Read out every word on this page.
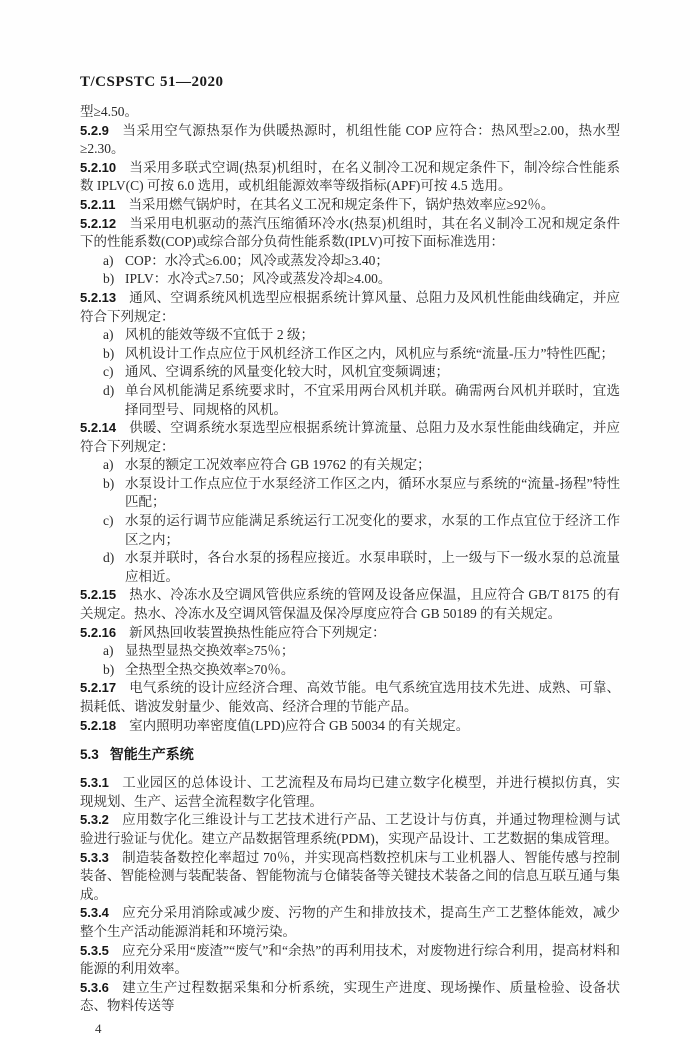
T/CSPSTC 51—2020

型≥4.50。

5.2.9 当采用空气源热泵作为供暖热源时，机组性能 COP 应符合：热风型≥2.00，热水型≥2.30。

5.2.10 当采用多联式空调(热泵)机组时，在名义制冷工况和规定条件下，制冷综合性能系数 IPLV(C) 可按 6.0 选用，或机组能源效率等级指标(APF)可按 4.5 选用。

5.2.11 当采用燃气锅炉时，在其名义工况和规定条件下，锅炉热效率应≥92％。

5.2.12 当采用电机驱动的蒸汽压缩循环冷水(热泵)机组时，其在名义制冷工况和规定条件下的性能系数(COP)或综合部分负荷性能系数(IPLV)可按下面标准选用：

a) COP：水冷式≥6.00；风冷或蒸发冷却≥3.40；

b) IPLV：水冷式≥7.50；风冷或蒸发冷却≥4.00。

5.2.13 通风、空调系统风机选型应根据系统计算风量、总阻力及风机性能曲线确定，并应符合下列规定：

a) 风机的能效等级不宜低于 2 级；

b) 风机设计工作点应位于风机经济工作区之内，风机应与系统“流量-压力”特性匹配；

c) 通风、空调系统的风量变化较大时，风机宜变频调速；

d) 单台风机能满足系统要求时，不宜采用两台风机并联。确需两台风机并联时，宜选择同型号、同规格的风机。

5.2.14 供暖、空调系统水泵选型应根据系统计算流量、总阻力及水泵性能曲线确定，并应符合下列规定：

a) 水泵的额定工况效率应符合 GB 19762 的有关规定；

b) 水泵设计工作点应位于水泵经济工作区之内，循环水泵应与系统的“流量-扬程”特性匹配；

c) 水泵的运行调节应能满足系统运行工况变化的要求，水泵的工作点宜位于经济工作区之内；

d) 水泵并联时，各台水泵的扬程应接近。水泵串联时，上一级与下一级水泵的总流量应相近。

5.2.15 热水、冷冻水及空调风管供应系统的管网及设备应保温，且应符合 GB/T 8175 的有关规定。热水、冷冻水及空调风管保温及保冷厚度应符合 GB 50189 的有关规定。

5.2.16 新风热回收装置换热性能应符合下列规定：

a) 显热型显热交换效率≥75％；

b) 全热型全热交换效率≥70％。

5.2.17 电气系统的设计应经济合理、高效节能。电气系统宜选用技术先进、成熟、可靠、损耗低、谐波发射量少、能效高、经济合理的节能产品。

5.2.18 室内照明功率密度值(LPD)应符合 GB 50034 的有关规定。

5.3 智能生产系统

5.3.1 工业园区的总体设计、工艺流程及布局均已建立数字化模型，并进行模拟仿真，实现规划、生产、运营全流程数字化管理。

5.3.2 应用数字化三维设计与工艺技术进行产品、工艺设计与仿真，并通过物理检测与试验进行验证与优化。建立产品数据管理系统(PDM)，实现产品设计、工艺数据的集成管理。

5.3.3 制造装备数控化率超过 70％，并实现高档数控机床与工业机器人、智能传感与控制装备、智能检测与装配装备、智能物流与仓储装备等关键技术装备之间的信息互联互通与集成。

5.3.4 应充分采用消除或减少废、污物的产生和排放技术，提高生产工艺整体能效，减少整个生产活动能源消耗和环境污染。

5.3.5 应充分采用“废渣”“废气”和“余热”的再利用技术，对废物进行综合利用，提高材料和能源的利用效率。

5.3.6 建立生产过程数据采集和分析系统，实现生产进度、现场操作、质量检验、设备状态、物料传送等

4
